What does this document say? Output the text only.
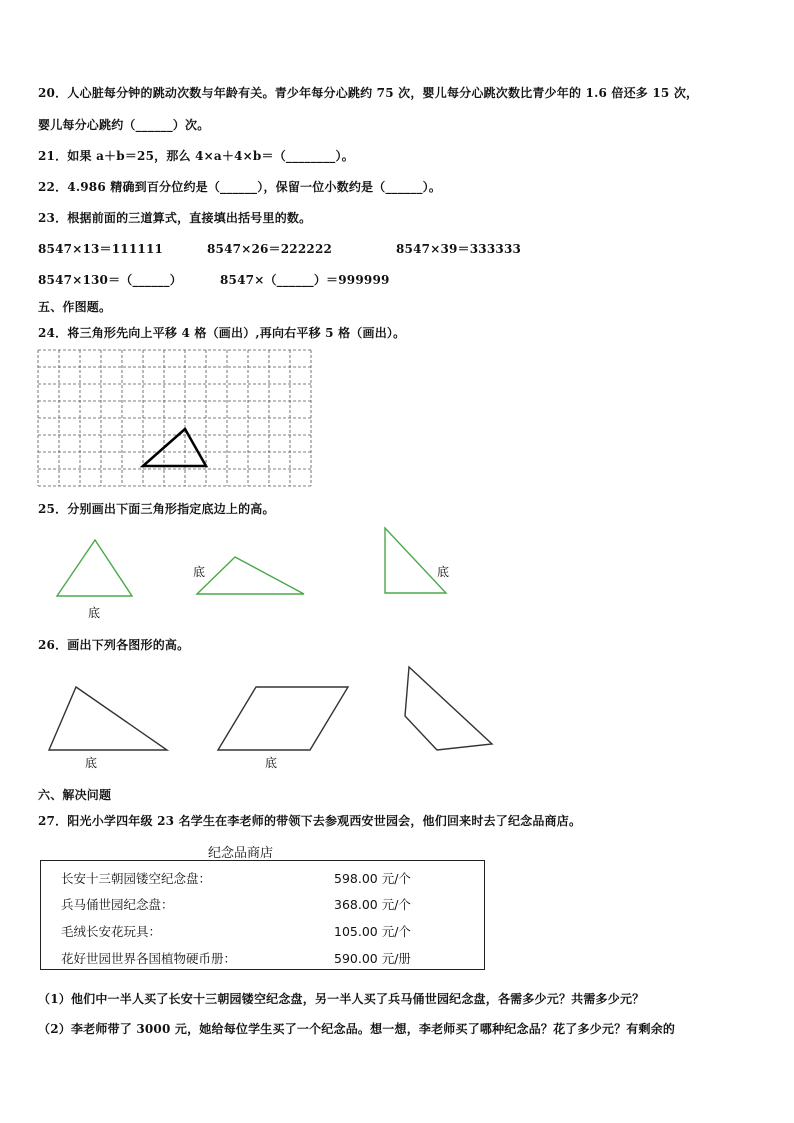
20．人心脏每分钟的跳动次数与年龄有关。青少年每分心跳约 75 次，婴儿每分心跳次数比青少年的 1.6 倍还多 15 次，
婴儿每分心跳约（______）次。
21．如果 a＋b＝25，那么 4×a＋4×b＝（________）。
22．4.986 精确到百分位约是（______），保留一位小数约是（______）。
23．根据前面的三道算式，直接填出括号里的数。
8547×13＝111111	8547×26＝222222	8547×39＝333333
8547×130＝（______）	8547×（______）＝999999
五、作图题。
24．将三角形先向上平移 4 格（画出）,再向右平移 5 格（画出）。
25．分别画出下面三角形指定底边上的高。
底
底	底
26．画出下列各图形的高。
底	底
六、解决问题
27．阳光小学四年级 23 名学生在李老师的带领下去参观西安世园会，他们回来时去了纪念品商店。
纪念品商店
长安十三朝园镂空纪念盘：	598.00 元/个
兵马俑世园纪念盘：	368.00 元/个
毛绒长安花玩具：	105.00 元/个
花好世园世界各国植物硬币册：	590.00 元/册
（1）他们中一半人买了长安十三朝园镂空纪念盘，另一半人买了兵马俑世园纪念盘，各需多少元？共需多少元？
（2）李老师带了 3000 元，她给每位学生买了一个纪念品。想一想，李老师买了哪种纪念品？花了多少元？有剩余的
